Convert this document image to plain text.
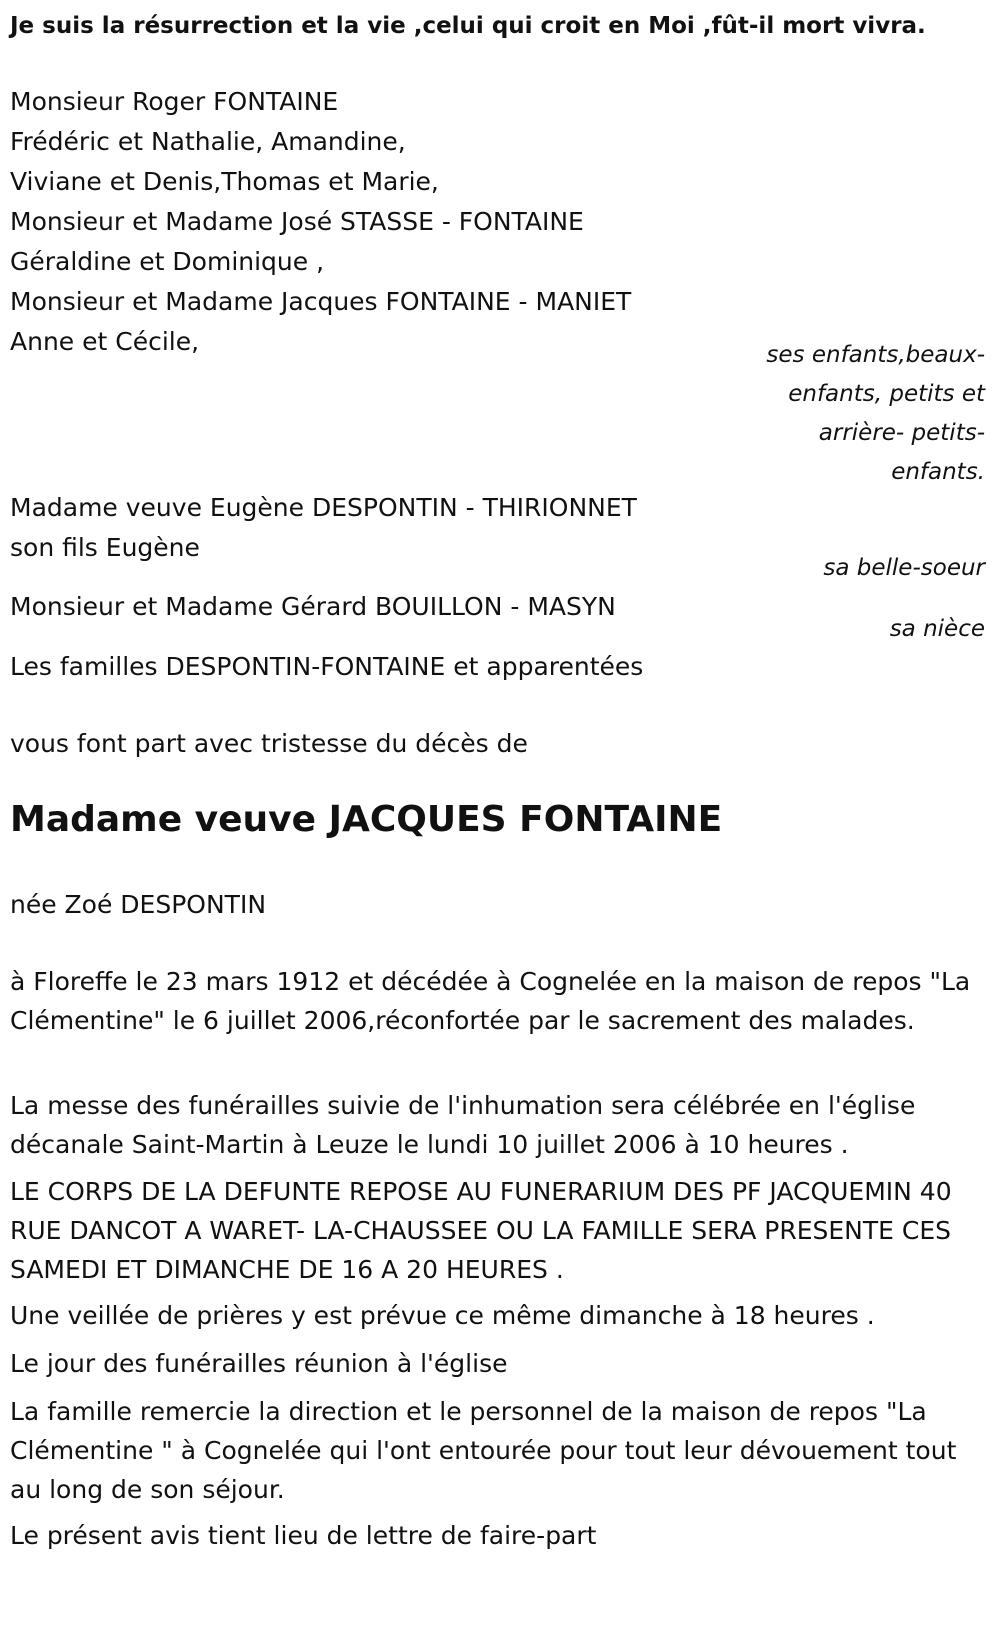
Je suis la résurrection et la vie ,celui qui croit en Moi ,fût-il mort vivra.
Monsieur Roger FONTAINE
Frédéric et Nathalie, Amandine,
Viviane et Denis,Thomas et Marie,
Monsieur et Madame José STASSE - FONTAINE
Géraldine et Dominique ,
Monsieur et Madame Jacques FONTAINE - MANIET
Anne et Cécile,	ses enfants,beaux-
enfants, petits et
arrière- petits-
enfants.
Madame veuve Eugène DESPONTIN - THIRIONNET
son fils Eugène
sa belle-soeur
Monsieur et Madame Gérard BOUILLON - MASYN
sa nièce
Les familles DESPONTIN-FONTAINE et apparentées
vous font part avec tristesse du décès de
Madame veuve JACQUES FONTAINE
née Zoé DESPONTIN
à Floreffe le 23 mars 1912 et décédée à Cognelée en la maison de repos "La Clémentine" le 6 juillet 2006,réconfortée par le sacrement des malades.
La messe des funérailles suivie de l'inhumation sera célébrée en l'église décanale Saint-Martin à Leuze le lundi 10 juillet 2006 à 10 heures .
LE CORPS DE LA DEFUNTE REPOSE AU FUNERARIUM DES PF JACQUEMIN 40 RUE DANCOT A WARET- LA-CHAUSSEE OU LA FAMILLE SERA PRESENTE CES SAMEDI ET DIMANCHE DE 16 A 20 HEURES .
Une veillée de prières y est prévue ce même dimanche à 18 heures .
Le jour des funérailles réunion à l'église
La famille remercie la direction et le personnel de la maison de repos "La Clémentine " à Cognelée qui l'ont entourée pour tout leur dévouement tout au long de son séjour.
Le présent avis tient lieu de lettre de faire-part
